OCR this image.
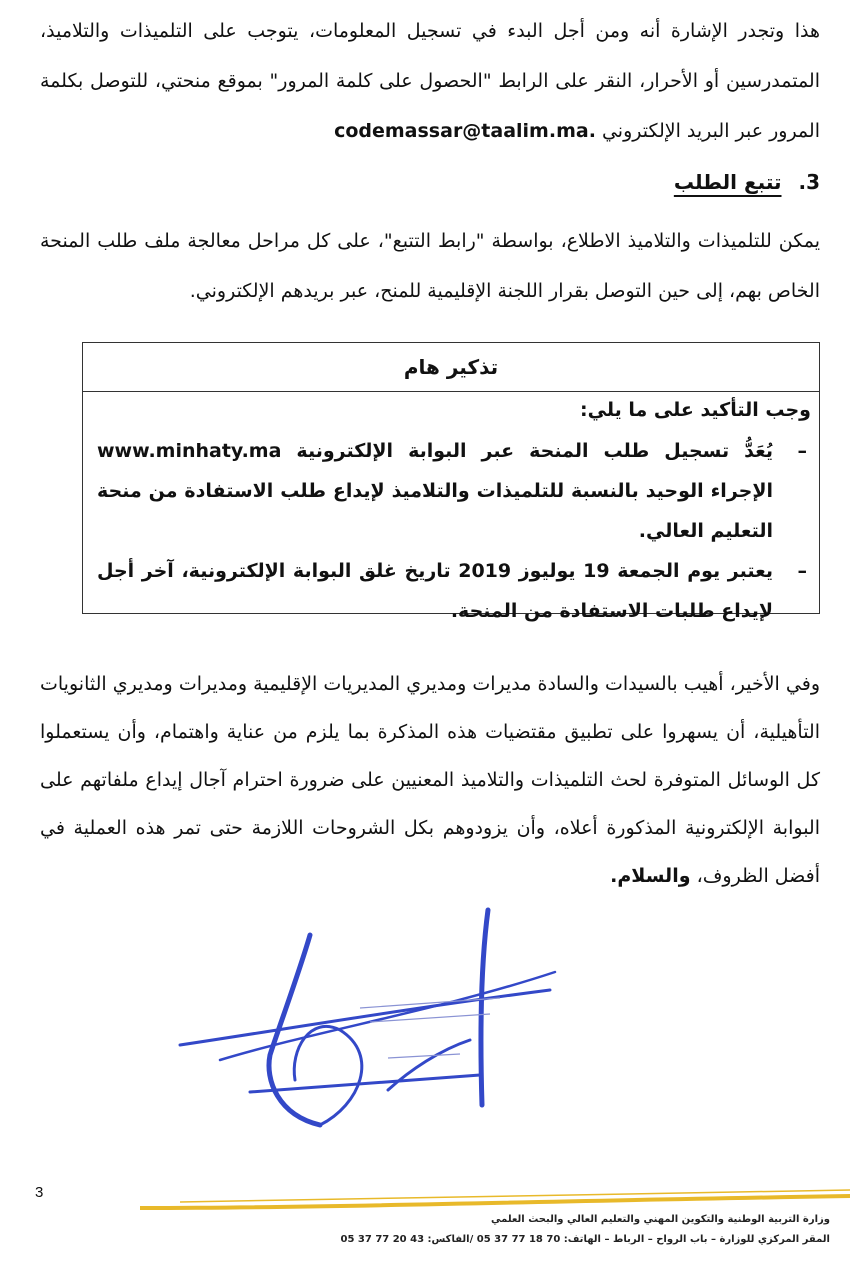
هذا وتجدر الإشارة أنه ومن أجل البدء في تسجيل المعلومات، يتوجب على التلميذات والتلاميذ، المتمدرسين أو الأحرار، النقر على الرابط "الحصول على كلمة المرور" بموقع منحتي، للتوصل بكلمة المرور عبر البريد الإلكتروني codemassar@taalim.ma.

3. تتبع الطلب

يمكن للتلميذات والتلاميذ الاطلاع، بواسطة "رابط التتبع"، على كل مراحل معالجة ملف طلب المنحة الخاص بهم، إلى حين التوصل بقرار اللجنة الإقليمية للمنح، عبر بريدهم الإلكتروني.

تذكير هام

وجب التأكيد على ما يلي:

– يُعَدُّ تسجيل طلب المنحة عبر البوابة الإلكترونية www.minhaty.ma الإجراء الوحيد بالنسبة للتلميذات والتلاميذ لإيداع طلب الاستفادة من منحة التعليم العالي.
– يعتبر يوم الجمعة 19 يوليوز 2019 تاريخ غلق البوابة الإلكترونية، آخر أجل لإيداع طلبات الاستفادة من المنحة.

وفي الأخير، أهيب بالسيدات والسادة مديرات ومديري المديريات الإقليمية ومديرات ومديري الثانويات التأهيلية، أن يسهروا على تطبيق مقتضيات هذه المذكرة بما يلزم من عناية واهتمام، وأن يستعملوا كل الوسائل المتوفرة لحث التلميذات والتلاميذ المعنيين على ضرورة احترام آجال إيداع ملفاتهم على البوابة الإلكترونية المذكورة أعلاه، وأن يزودوهم بكل الشروحات اللازمة حتى تمر هذه العملية في أفضل الظروف، والسلام.

3

وزارة التربية الوطنية والتكوين المهني والتعليم العالي والبحث العلمي

المقر المركزي للوزارة – باب الرواح – الرباط – الهاتف: 70 18 77 37 05 /الفاكس: 43 20 77 37 05
